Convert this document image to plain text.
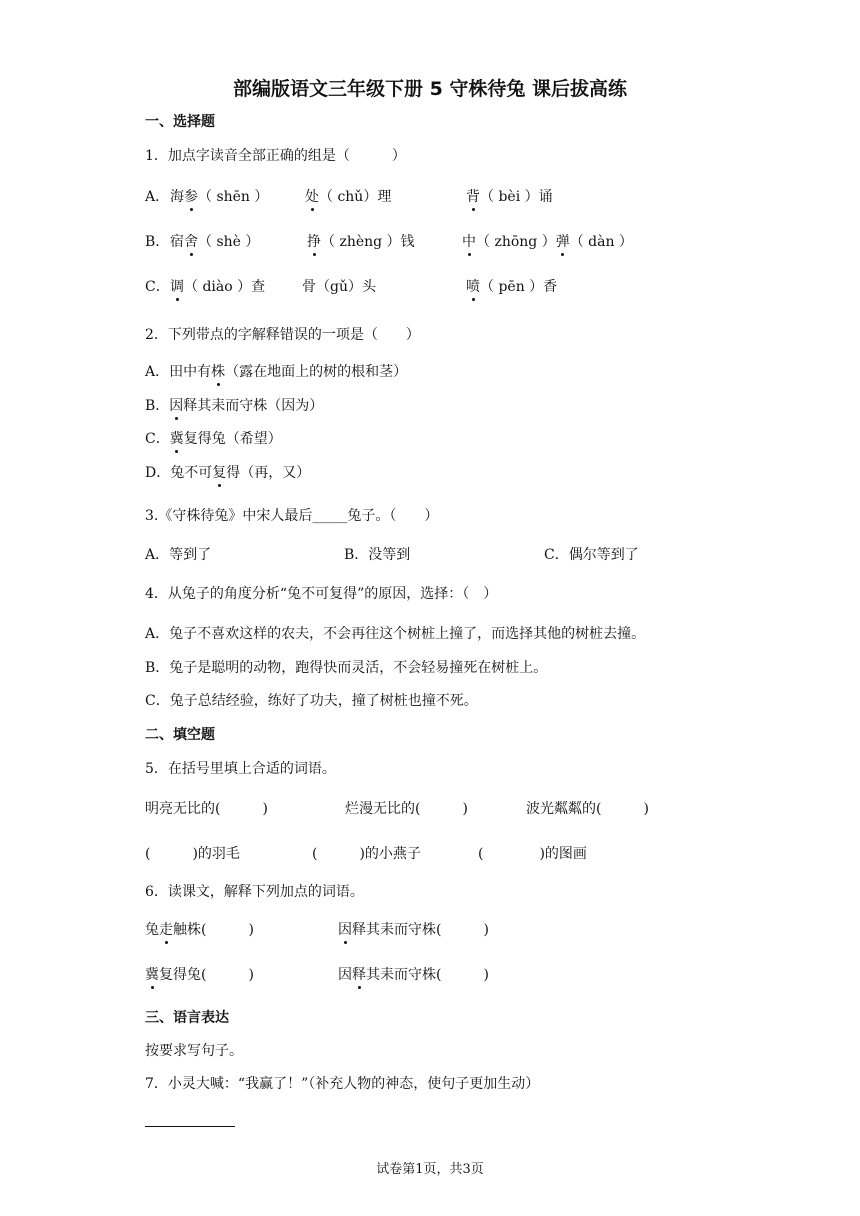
部编版语文三年级下册 5 守株待兔 课后拔高练
一、选择题
1．加点字读音全部正确的组是（　　　）
A． 海参（ shēn ）	处（ chǔ）理	背（ bèi ）诵
B． 宿舍（ shè ）	挣（ zhèng ）钱	中（ zhōng ）弹（ dàn ）
C． 调（ diào ）查	骨（gǔ）头	喷（ pēn ）香
2．下列带点的字解释错误的一项是（　　）
A．田中有株（露在地面上的树的根和茎）
B．因释其耒而守株（因为）
C．冀复得兔（希望）
D．兔不可复得（再，又）
3.《守株待兔》中宋人最后_____兔子。（　　）
A．等到了	B．没等到	C．偶尔等到了
4．从兔子的角度分析“兔不可复得”的原因，选择：（　）
A．兔子不喜欢这样的农夫，不会再往这个树桩上撞了，而选择其他的树桩去撞。
B．兔子是聪明的动物，跑得快而灵活，不会轻易撞死在树桩上。
C．兔子总结经验，练好了功夫，撞了树桩也撞不死。
二、填空题
5．在括号里填上合适的词语。
明亮无比的(　　　)	烂漫无比的(　　　)	波光粼粼的(　　　)
(　　　)的羽毛	(　　　)的小燕子	(　　　　)的图画
6．读课文，解释下列加点的词语。
兔走触株(　　　)	因释其耒而守株(　　　)
冀复得兔(　　　)	因释其耒而守株(　　　)
三、语言表达
按要求写句子。
7．小灵大喊：“我赢了！”（补充人物的神态，使句子更加生动）
试卷第1页，共3页
